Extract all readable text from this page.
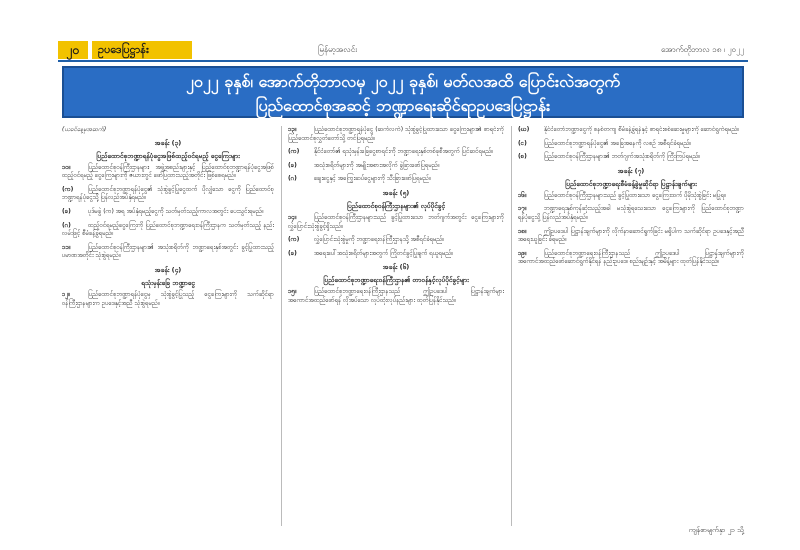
၂၀	ဥပဒေပြဋ္ဌာန်း	မြန်မာ့အလင်း	အောက်တိုဘာလ ၁၈ ၊ ၂၀၂၂
၂၀၂၂ ခုနှစ်၊ အောက်တိုဘာလမှ ၂၀၂၂ ခုနှစ်၊ မတ်လအထိ ပြောင်းလဲအတွက်
ပြည်ထောင်စုအဆင့် ဘဏ္ဍာရေးဆိုင်ရာဥပဒေပြဋ္ဌာန်း
(ယခင်နေ့မှအဆက်)
အခန်း (၃)
ပြည်ထောင်စုဘဏ္ဍာရန်ပုံငွေအဖြစ်ထည့်ဝင်ရမည့် ငွေကြေးများ
၁၀။	ပြည်ထောင်စုဝန်ကြီးဌာနများ၊ အဖွဲ့အစည်းများနှင့် ပြည်ထောင်စုဘဏ္ဍာရန်ပုံငွေအဖြစ် ထည့်ဝင်ရမည့် ငွေကြေးများကို ဇယားတွင် ဖော်ပြထားသည့်အတိုင်း ဖြစ်စေရမည်။
(က) ပြည်ထောင်စုဘဏ္ဍာရန်ပုံငွေ၏ သုံးစွဲခွင့်ပြုငွေထက် ပိုလျှံသော ငွေကို ပြည်ထောင်စုဘဏ္ဍာရန်ပုံငွေသို့ ပြန်လည်အပ်နှံရမည်။
(ခ)	ပုဒ်မခွဲ (က) အရ အပ်နှံရမည့်ငွေကို သတ်မှတ်သည့်ကာလအတွင်း ပေးသွင်းရမည်။
(ဂ)	ထည့်ဝင်ရမည့်ငွေကြေးကို ပြည်ထောင်စုဘဏ္ဍာရေးဝန်ကြီးဌာနက သတ်မှတ်သည့် နည်းလမ်းဖြင့် စီမံခန့်ခွဲရမည်။
၁၁။	ပြည်ထောင်စုဝန်ကြီးဌာနများ၏ အသုံးစရိတ်ကို ဘဏ္ဍာရေးနှစ်အတွင်း ခွင့်ပြုထားသည့် ပမာဏအတိုင်း သုံးစွဲရမည်။
အခန်း (၄)
ရသုံးမှန်းခြေ ဘဏ္ဍာငွေ
၁၂။	ပြည်ထောင်စုဘဏ္ဍာရန်ပုံငွေမှ သုံးစွဲခွင့်ပြုသည့် ငွေကြေးများကို သက်ဆိုင်ရာ ဝန်ကြီးဌာနများက ဥပဒေနှင့်အညီ သုံးစွဲရမည်။
၁၃။	ပြည်ထောင်စုဘဏ္ဍာရန်ပုံငွေ (ဆက်လက်) သုံးစွဲခွင့်ပြုထားသော ငွေကြေးများ၏ စာရင်းကို ပြည်ထောင်စုလွှတ်တော်သို့ တင်ပြရမည်။
(က) နိုင်ငံတော်၏ ရသုံးမှန်းခြေငွေစာရင်းကို ဘဏ္ဍာရေးနှစ်တစ်ခုစီအတွက် ပြင်ဆင်ရမည်။
(ခ)	အသုံးစရိတ်များကို အမျိုးအစားအလိုက် ခွဲခြားဖော်ပြရမည်။
(ဂ)	ချေးငွေနှင့် အကြွေးဆပ်ငွေများကို သီးခြားဖော်ပြရမည်။
အခန်း (၅)
ပြည်ထောင်စုဝန်ကြီးဌာနများ၏ လုပ်ပိုင်ခွင့်
၁၄။	ပြည်ထောင်စုဝန်ကြီးဌာနများသည် ခွင့်ပြုထားသော ဘတ်ဂျက်အတွင်း ငွေကြေးများကို လွှဲပြောင်းသုံးစွဲခွင့်ရှိသည်။
(က) လွှဲပြောင်းသုံးစွဲမှုကို ဘဏ္ဍာရေးဝန်ကြီးဌာနသို့ အစီရင်ခံရမည်။
(ခ)	အရေးပေါ်အသုံးစရိတ်များအတွက် ကြိုတင်ခွင့်ပြုချက် ရယူရမည်။
အခန်း (၆)
ပြည်ထောင်စုဘဏ္ဍာရေးဝန်ကြီးဌာန၏ တာဝန်နှင့်လုပ်ပိုင်ခွင့်များ
၁၅။	ပြည်ထောင်စုဘဏ္ဍာရေးဝန်ကြီးဌာနသည် ဤဥပဒေပါ ပြဋ္ဌာန်းချက်များ အကောင်အထည်ဖော်ရန် လိုအပ်သော လုပ်ထုံးလုပ်နည်းများ ထုတ်ပြန်နိုင်သည်။
(ဃ) နိုင်ငံတော်ဘဏ္ဍာငွေကို စနစ်တကျ စီမံခန့်ခွဲရန်နှင့် စာရင်းစစ်ဆေးမှုများကို ဆောင်ရွက်ရမည်။
(င)	ပြည်ထောင်စုဘဏ္ဍာရန်ပုံငွေ၏ အခြေအနေကို လစဉ် အစီရင်ခံရမည်။
(စ)	ပြည်ထောင်စုဝန်ကြီးဌာနများ၏ ဘတ်ဂျက်အသုံးစရိတ်ကို ကြီးကြပ်ရမည်။
အခန်း (၇)
ပြည်ထောင်စုဘဏ္ဍာရေးစီမံခန့်ခွဲမှုဆိုင်ရာ ပြဋ္ဌာန်းချက်များ
၁၆။	ပြည်ထောင်စုဝန်ကြီးဌာနများသည် ခွင့်ပြုထားသော ငွေကြေးထက် ပိုမိုသုံးစွဲခြင်း မပြုရ။
၁၇။	ဘဏ္ဍာရေးနှစ်ကုန်ဆုံးသည့်အခါ မသုံးစွဲရသေးသော ငွေကြေးများကို ပြည်ထောင်စုဘဏ္ဍာရန်ပုံငွေသို့ ပြန်လည်အပ်နှံရမည်။
၁၈။	ဤဥပဒေပါ ပြဋ္ဌာန်းချက်များကို လိုက်နာဆောင်ရွက်ခြင်း မရှိပါက သက်ဆိုင်ရာ ဥပဒေနှင့်အညီ အရေးယူခြင်း ခံရမည်။
၁၉။	ပြည်ထောင်စုဘဏ္ဍာရေးဝန်ကြီးဌာနသည် ဤဥပဒေပါ ပြဋ္ဌာန်းချက်များကို အကောင်အထည်ဖော်ဆောင်ရွက်နိုင်ရန် နည်းဥပဒေ၊ စည်းမျဉ်းနှင့် အမိန့်များ ထုတ်ပြန်နိုင်သည်။
ကျန်စာမျက်နှာ ၂၁ သို့
